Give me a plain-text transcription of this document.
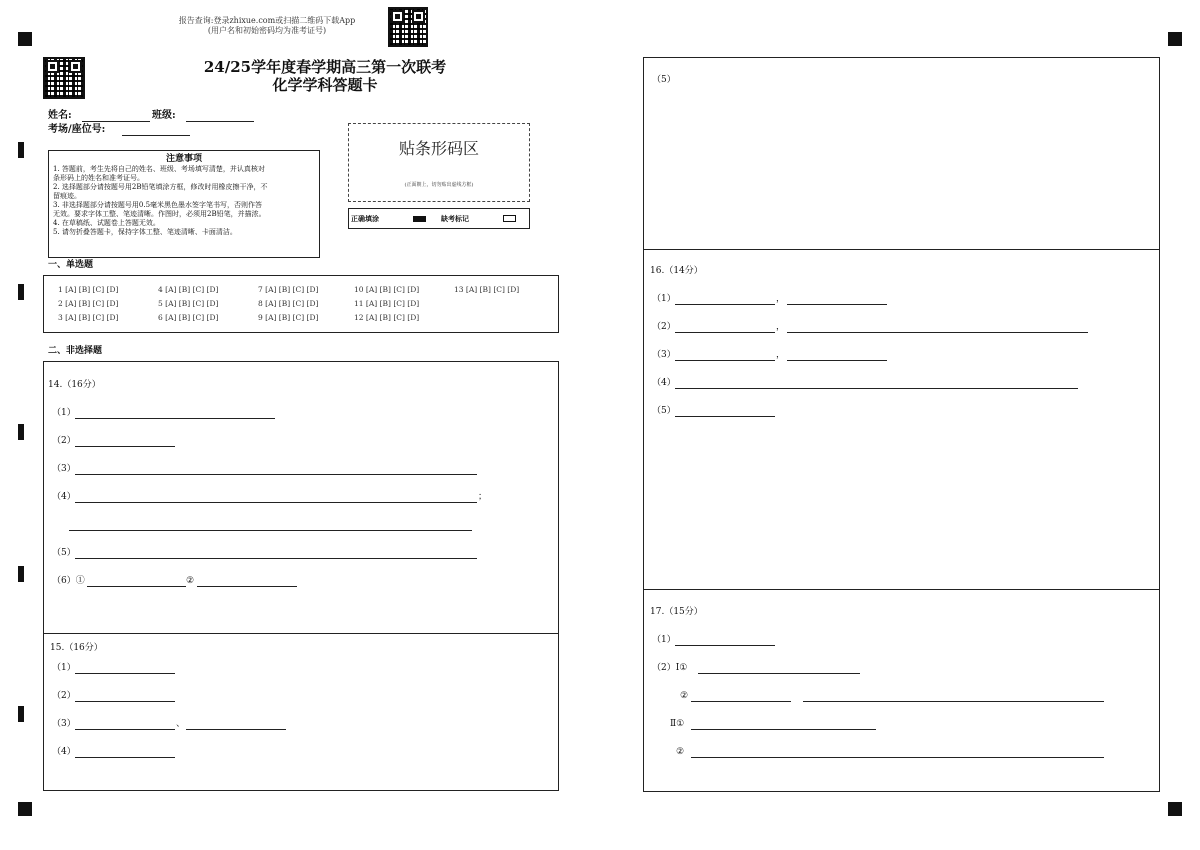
报告查询:登录zhixue.com或扫描二维码下载App
(用户名和初始密码均为准考证号)
24/25学年度春学期高三第一次联考
化学学科答题卡
姓名:	班级:
考场/座位号:
注意事项

1. 答题前，考生先将自己的姓名、班级、考场填写清楚，并认真核对

条形码上的姓名和准考证号。

2. 选择题部分请按题号用2B铅笔填涂方框，修改时用橡皮擦干净，不

留痕迹。

3. 非选择题部分请按题号用0.5毫米黑色墨水签字笔书写，否则作答

无效。要求字体工整、笔迹清晰。作图时，必须用2B铅笔，并描浓。

4. 在草稿纸、试题卷上答题无效。

5. 请勿折叠答题卡，保持字体工整、笔迹清晰、卡面清洁。

贴条形码区
(正面朝上，切勿贴出虚线方框)
正确填涂	缺考标记
一、单选题
1 [A] [B] [C] [D]	4 [A] [B] [C] [D]	7 [A] [B] [C] [D]	10 [A] [B] [C] [D]	13 [A] [B] [C] [D]
2 [A] [B] [C] [D]	5 [A] [B] [C] [D]	8 [A] [B] [C] [D]	11 [A] [B] [C] [D]
3 [A] [B] [C] [D]	6 [A] [B] [C] [D]	9 [A] [B] [C] [D]	12 [A] [B] [C] [D]
二、非选择题
14.（16分）
（1）
（2）
（3）
（4）	；
（5）
（6）①	②
15.（16分）
（1）
（2）
（3）	、
（4）
（5）
16.（14分）
（1）	，
（2）	，
（3）	，
（4）
（5）
17.（15分）
（1）
（2）Ⅰ①
②
Ⅱ①
②
